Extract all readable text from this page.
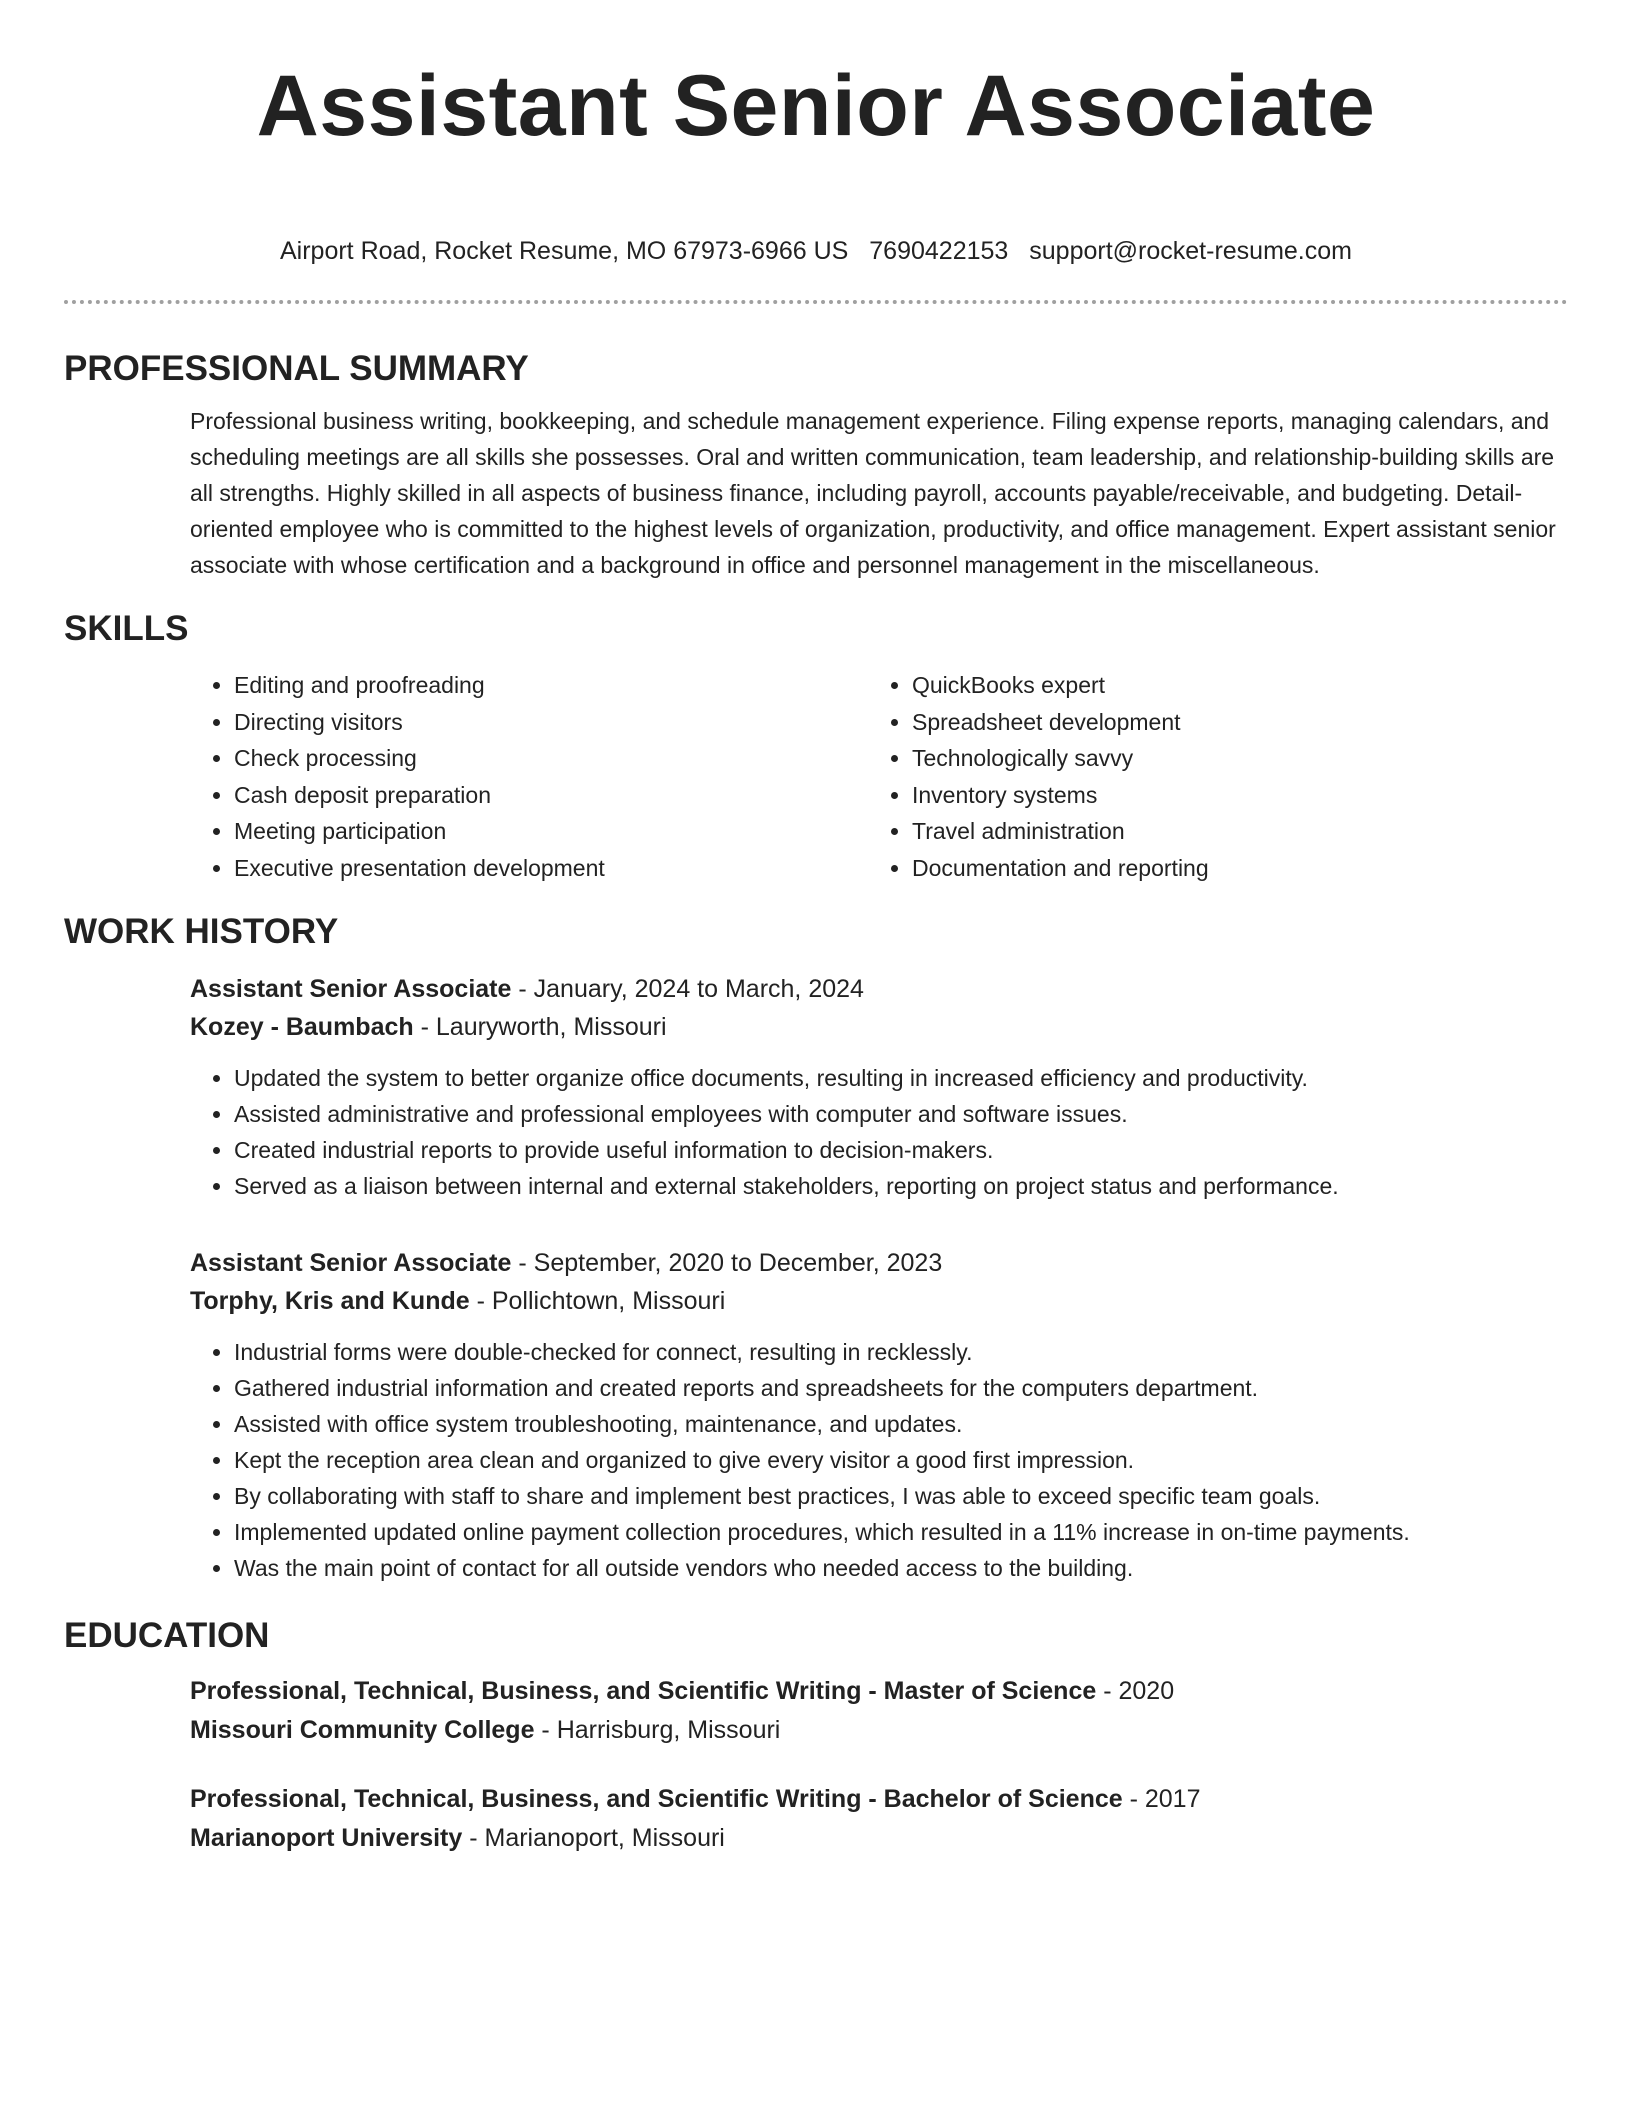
Assistant Senior Associate
Airport Road, Rocket Resume, MO 67973-6966 US 7690422153 support@rocket-resume.com
PROFESSIONAL SUMMARY
Professional business writing, bookkeeping, and schedule management experience. Filing expense reports, managing calendars, and scheduling meetings are all skills she possesses. Oral and written communication, team leadership, and relationship-building skills are all strengths. Highly skilled in all aspects of business finance, including payroll, accounts payable/receivable, and budgeting. Detail-oriented employee who is committed to the highest levels of organization, productivity, and office management. Expert assistant senior associate with whose certification and a background in office and personnel management in the miscellaneous.
SKILLS
• Editing and proofreading
• Directing visitors
• Check processing
• Cash deposit preparation
• Meeting participation
• Executive presentation development
• QuickBooks expert
• Spreadsheet development
• Technologically savvy
• Inventory systems
• Travel administration
• Documentation and reporting
WORK HISTORY
Assistant Senior Associate - January, 2024 to March, 2024
Kozey - Baumbach - Lauryworth, Missouri
• Updated the system to better organize office documents, resulting in increased efficiency and productivity.
• Assisted administrative and professional employees with computer and software issues.
• Created industrial reports to provide useful information to decision-makers.
• Served as a liaison between internal and external stakeholders, reporting on project status and performance.
Assistant Senior Associate - September, 2020 to December, 2023
Torphy, Kris and Kunde - Pollichtown, Missouri
• Industrial forms were double-checked for connect, resulting in recklessly.
• Gathered industrial information and created reports and spreadsheets for the computers department.
• Assisted with office system troubleshooting, maintenance, and updates.
• Kept the reception area clean and organized to give every visitor a good first impression.
• By collaborating with staff to share and implement best practices, I was able to exceed specific team goals.
• Implemented updated online payment collection procedures, which resulted in a 11% increase in on-time payments.
• Was the main point of contact for all outside vendors who needed access to the building.
EDUCATION
Professional, Technical, Business, and Scientific Writing - Master of Science - 2020
Missouri Community College - Harrisburg, Missouri
Professional, Technical, Business, and Scientific Writing - Bachelor of Science - 2017
Marianoport University - Marianoport, Missouri
